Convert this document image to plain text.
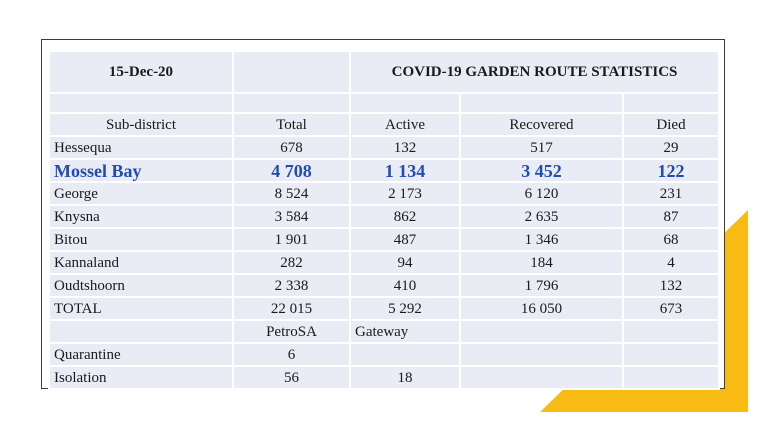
15-Dec-20		COVID-19 GARDEN ROUTE STATISTICS		

Sub-district	Total	Active	Recovered	Died
Hessequa	678	132	517	29
Mossel Bay	4 708	1 134	3 452	122
George	8 524	2 173	6 120	231
Knysna	3 584	862	2 635	87
Bitou	1 901	487	1 346	68
Kannaland	282	94	184	4
Oudtshoorn	2 338	410	1 796	132
TOTAL	22 015	5 292	16 050	673
	PetroSA	Gateway		
Quarantine	6			
Isolation	56	18		
